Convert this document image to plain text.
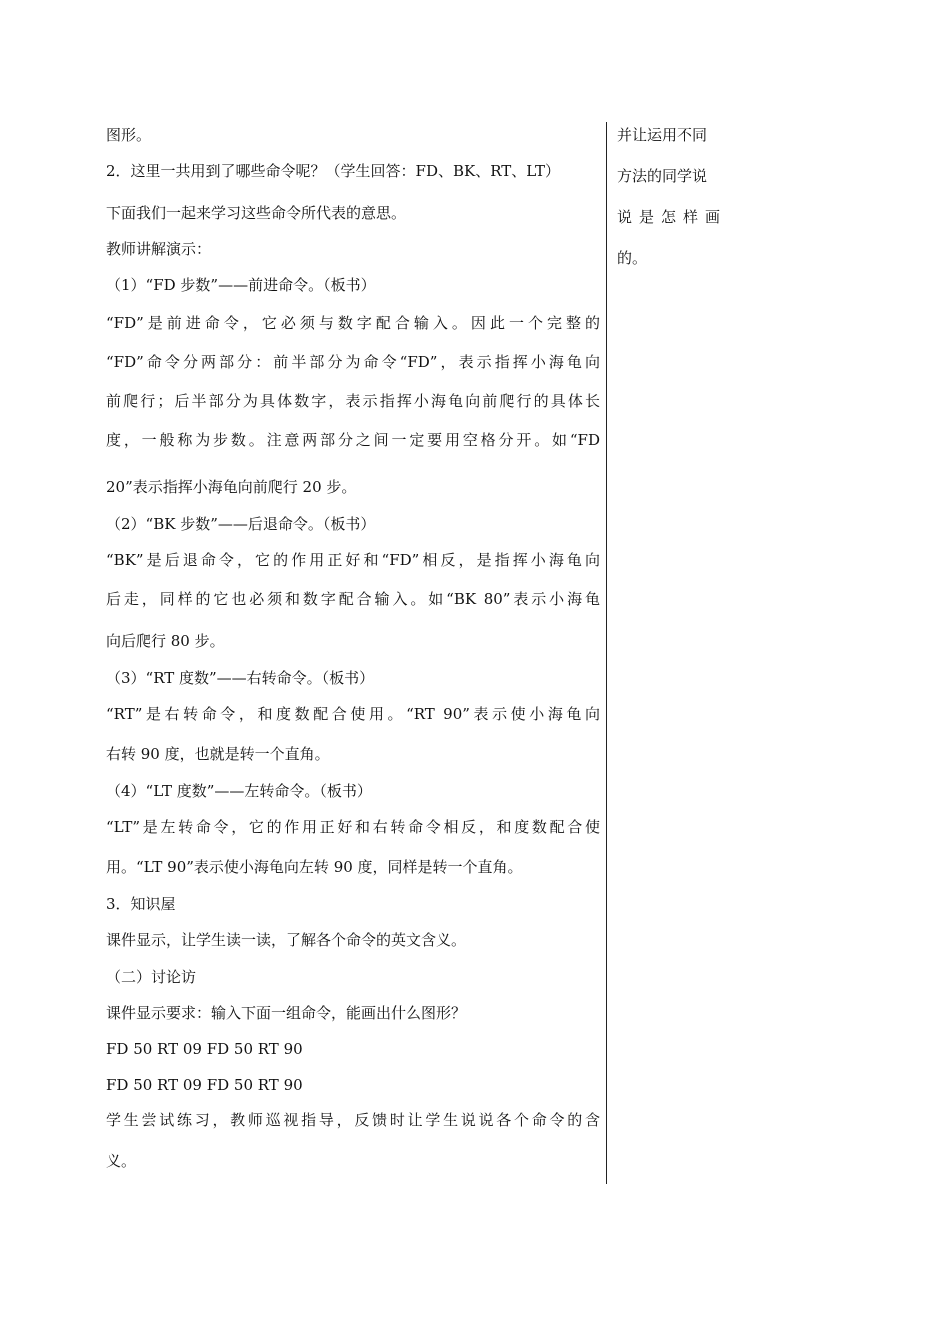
图形。
2．这里一共用到了哪些命令呢？（学生回答：FD、BK、RT、LT）
下面我们一起来学习这些命令所代表的意思。
教师讲解演示：
（1）“FD 步数”——前进命令。（板书）
“FD”是前进命令，它必须与数字配合输入。因此一个完整的
“FD”命令分两部分：前半部分为命令“FD”，表示指挥小海龟向
前爬行；后半部分为具体数字，表示指挥小海龟向前爬行的具体长
度，一般称为步数。注意两部分之间一定要用空格分开。如“FD
20”表示指挥小海龟向前爬行 20 步。
（2）“BK 步数”——后退命令。（板书）
“BK”是后退命令，它的作用正好和“FD”相反，是指挥小海龟向
后走，同样的它也必须和数字配合输入。如“BK 80”表示小海龟
向后爬行 80 步。
（3）“RT 度数”——右转命令。（板书）
“RT”是右转命令，和度数配合使用。“RT 90”表示使小海龟向
右转 90 度，也就是转一个直角。
（4）“LT 度数”——左转命令。（板书）
“LT”是左转命令，它的作用正好和右转命令相反，和度数配合使
用。“LT 90”表示使小海龟向左转 90 度，同样是转一个直角。
3．知识屋
课件显示，让学生读一读，了解各个命令的英文含义。
（二）讨论访
课件显示要求：输入下面一组命令，能画出什么图形？
FD 50 RT 09 FD 50 RT 90
FD 50 RT 09 FD 50 RT 90
学生尝试练习，教师巡视指导，反馈时让学生说说各个命令的含
义。
并让运用不同
方法的同学说
说是怎样画
的。
